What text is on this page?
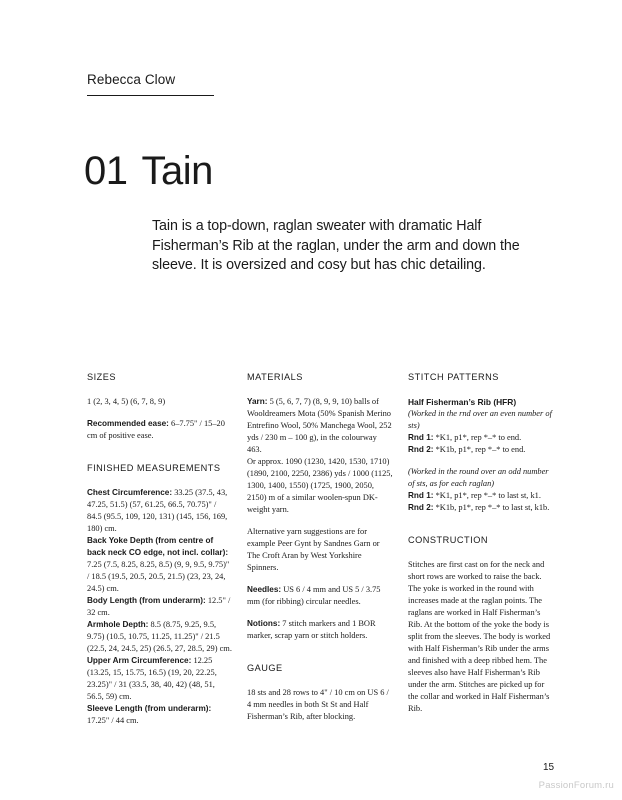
Rebecca Clow
01 Tain
Tain is a top-down, raglan sweater with dramatic Half Fisherman’s Rib at the raglan, under the arm and down the sleeve. It is oversized and cosy but has chic detailing.
SIZES

1 (2, 3, 4, 5) (6, 7, 8, 9)

Recommended ease: 6–7.75" / 15–20 cm of positive ease.

FINISHED MEASUREMENTS

Chest Circumference: 33.25 (37.5, 43, 47.25, 51.5) (57, 61.25, 66.5, 70.75)" / 84.5 (95.5, 109, 120, 131) (145, 156, 169, 180) cm.

Back Yoke Depth (from centre of back neck CO edge, not incl. collar): 7.25 (7.5, 8.25, 8.25, 8.5) (9, 9, 9.5, 9.75)" / 18.5 (19.5, 20.5, 20.5, 21.5) (23, 23, 24, 24.5) cm.

Body Length (from underarm): 12.5" / 32 cm.

Armhole Depth: 8.5 (8.75, 9.25, 9.5, 9.75) (10.5, 10.75, 11.25, 11.25)" / 21.5 (22.5, 24, 24.5, 25) (26.5, 27, 28.5, 29) cm.

Upper Arm Circumference: 12.25 (13.25, 15, 15.75, 16.5) (19, 20, 22.25, 23.25)" / 31 (33.5, 38, 40, 42) (48, 51, 56.5, 59) cm.

Sleeve Length (from underarm): 17.25" / 44 cm.

MATERIALS

Yarn: 5 (5, 6, 7, 7) (8, 9, 9, 10) balls of Wooldreamers Mota (50% Spanish Merino Entrefino Wool, 50% Manchega Wool, 252 yds / 230 m – 100 g), in the colourway 463.

Or approx. 1090 (1230, 1420, 1530, 1710) (1890, 2100, 2250, 2386) yds / 1000 (1125, 1300, 1400, 1550) (1725, 1900, 2050, 2150) m of a similar woolen-spun DK-weight yarn.

Alternative yarn suggestions are for example Peer Gynt by Sandnes Garn or The Croft Aran by West Yorkshire Spinners.

Needles: US 6 / 4 mm and US 5 / 3.75 mm (for ribbing) circular needles.

Notions: 7 stitch markers and 1 BOR marker, scrap yarn or stitch holders.

GAUGE

18 sts and 28 rows to 4" / 10 cm on US 6 / 4 mm needles in both St St and Half Fisherman’s Rib, after blocking.

STITCH PATTERNS

Half Fisherman’s Rib (HFR)

(Worked in the rnd over an even number of sts)

Rnd 1: *K1, p1*, rep *–* to end.

Rnd 2: *K1b, p1*, rep *–* to end.

(Worked in the round over an odd number of sts, as for each raglan)

Rnd 1: *K1, p1*, rep *–* to last st, k1.

Rnd 2: *K1b, p1*, rep *–* to last st, k1b.

CONSTRUCTION

Stitches are first cast on for the neck and short rows are worked to raise the back. The yoke is worked in the round with increases made at the raglan points. The raglans are worked in Half Fisherman’s Rib. At the bottom of the yoke the body is split from the sleeves. The body is worked with Half Fisherman’s Rib under the arms and finished with a deep ribbed hem. The sleeves also have Half Fisherman’s Rib under the arm. Stitches are picked up for the collar and worked in Half Fisherman’s Rib.

15
PassionForum.ru
